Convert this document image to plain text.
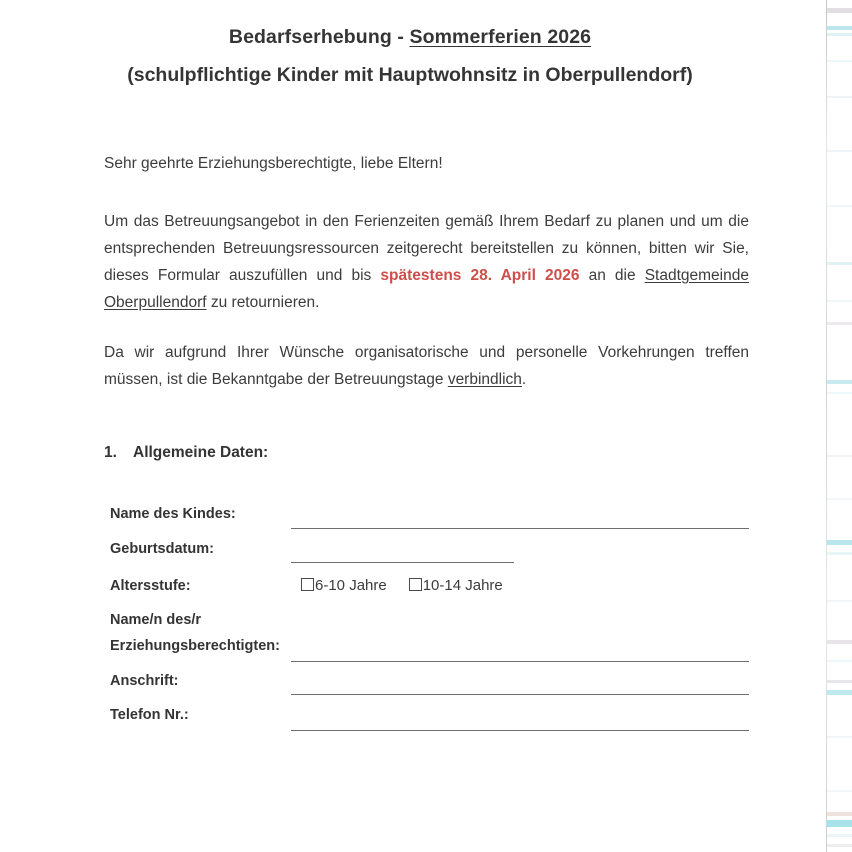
Bedarfserhebung - Sommerferien 2026
(schulpflichtige Kinder mit Hauptwohnsitz in Oberpullendorf)
Sehr geehrte Erziehungsberechtigte, liebe Eltern!
Um das Betreuungsangebot in den Ferienzeiten gemäß Ihrem Bedarf zu planen und um die entsprechenden Betreuungsressourcen zeitgerecht bereitstellen zu können, bitten wir Sie, dieses Formular auszufüllen und bis spätestens 28. April 2026 an die Stadtgemeinde Oberpullendorf zu retournieren.
Da wir aufgrund Ihrer Wünsche organisatorische und personelle Vorkehrungen treffen müssen, ist die Bekanntgabe der Betreuungstage verbindlich.
1. Allgemeine Daten:
Name des Kindes:
Geburtsdatum:
Altersstufe:	6-10 Jahre 10-14 Jahre
Name/n des/r
Erziehungsberechtigten:
Anschrift:
Telefon Nr.:
